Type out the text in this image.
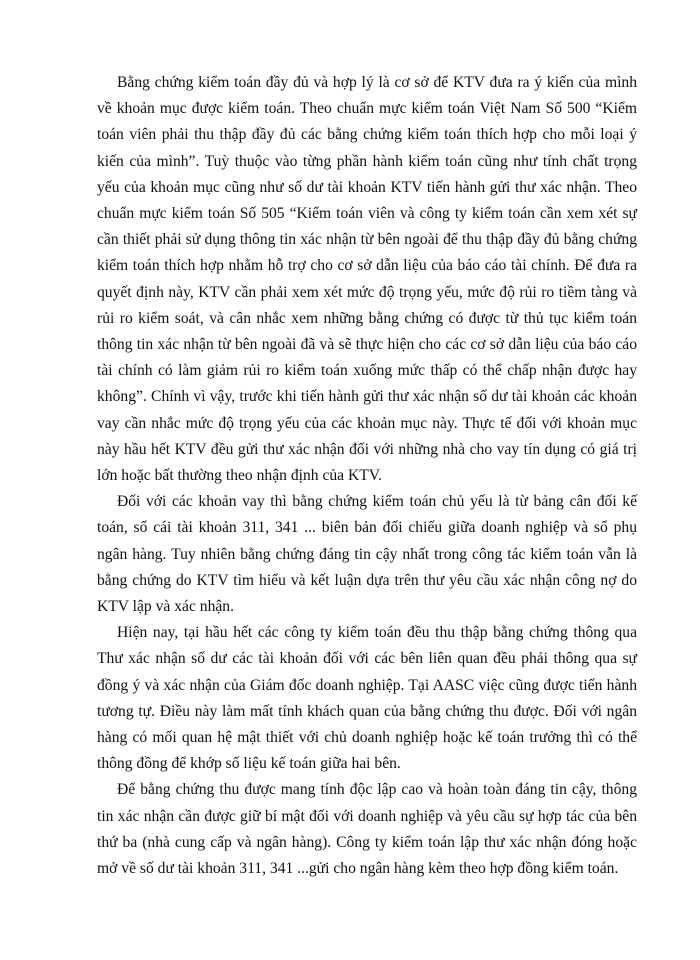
Bằng chứng kiểm toán đầy đủ và hợp lý là cơ sở để KTV đưa ra ý kiến của mình về khoản mục được kiểm toán. Theo chuẩn mực kiểm toán Việt Nam Số 500 “Kiểm toán viên phải thu thập đầy đủ các bằng chứng kiểm toán thích hợp cho mỗi loại ý kiến của mình”. Tuỳ thuộc vào từng phần hành kiểm toán cũng như tính chất trọng yếu của khoản mục cũng như số dư tài khoản KTV tiến hành gửi thư xác nhận. Theo chuẩn mực kiểm toán Số 505 “Kiểm toán viên và công ty kiểm toán cần xem xét sự cần thiết phải sử dụng thông tin xác nhận từ bên ngoài để thu thập đầy đủ bằng chứng kiểm toán thích hợp nhằm hỗ trợ cho cơ sở dẫn liệu của báo cáo tài chính. Để đưa ra quyết định này, KTV cần phải xem xét mức độ trọng yếu, mức độ rủi ro tiềm tàng và rủi ro kiểm soát, và cân nhắc xem những bằng chứng có được từ thủ tục kiểm toán thông tin xác nhận từ bên ngoài đã và sẽ thực hiện cho các cơ sở dẫn liệu của báo cáo tài chính có làm giảm rủi ro kiểm toán xuống mức thấp có thể chấp nhận được hay không”. Chính vì vậy, trước khi tiến hành gửi thư xác nhận số dư tài khoản các khoản vay cần nhắc mức độ trọng yếu của các khoản mục này. Thực tế đối với khoản mục này hầu hết KTV đều gửi thư xác nhận đối với những nhà cho vay tín dụng có giá trị lớn hoặc bất thường theo nhận định của KTV.

Đối với các khoản vay thì bằng chứng kiểm toán chủ yếu là từ bảng cân đối kế toán, sổ cái tài khoản 311, 341 ... biên bản đối chiếu giữa doanh nghiệp và sổ phụ ngân hàng. Tuy nhiên bằng chứng đáng tin cậy nhất trong công tác kiểm toán vẫn là bằng chứng do KTV tìm hiểu và kết luận dựa trên thư yêu cầu xác nhận công nợ do KTV lập và xác nhận.

Hiện nay, tại hầu hết các công ty kiểm toán đều thu thập bằng chứng thông qua Thư xác nhận số dư các tài khoản đối với các bên liên quan đều phải thông qua sự đồng ý và xác nhận của Giám đốc doanh nghiệp. Tại AASC việc cũng được tiến hành tương tự. Điều này làm mất tính khách quan của bằng chứng thu được. Đối với ngân hàng có mối quan hệ mật thiết với chủ doanh nghiệp hoặc kế toán trưởng thì có thể thông đồng để khớp số liệu kế toán giữa hai bên.

Để bằng chứng thu được mang tính độc lập cao và hoàn toàn đáng tin cậy, thông tin xác nhận cần được giữ bí mật đối với doanh nghiệp và yêu cầu sự hợp tác của bên thứ ba (nhà cung cấp và ngân hàng). Công ty kiểm toán lập thư xác nhận đóng hoặc mở về số dư tài khoản 311, 341 ...gửi cho ngân hàng kèm theo hợp đồng kiểm toán.
